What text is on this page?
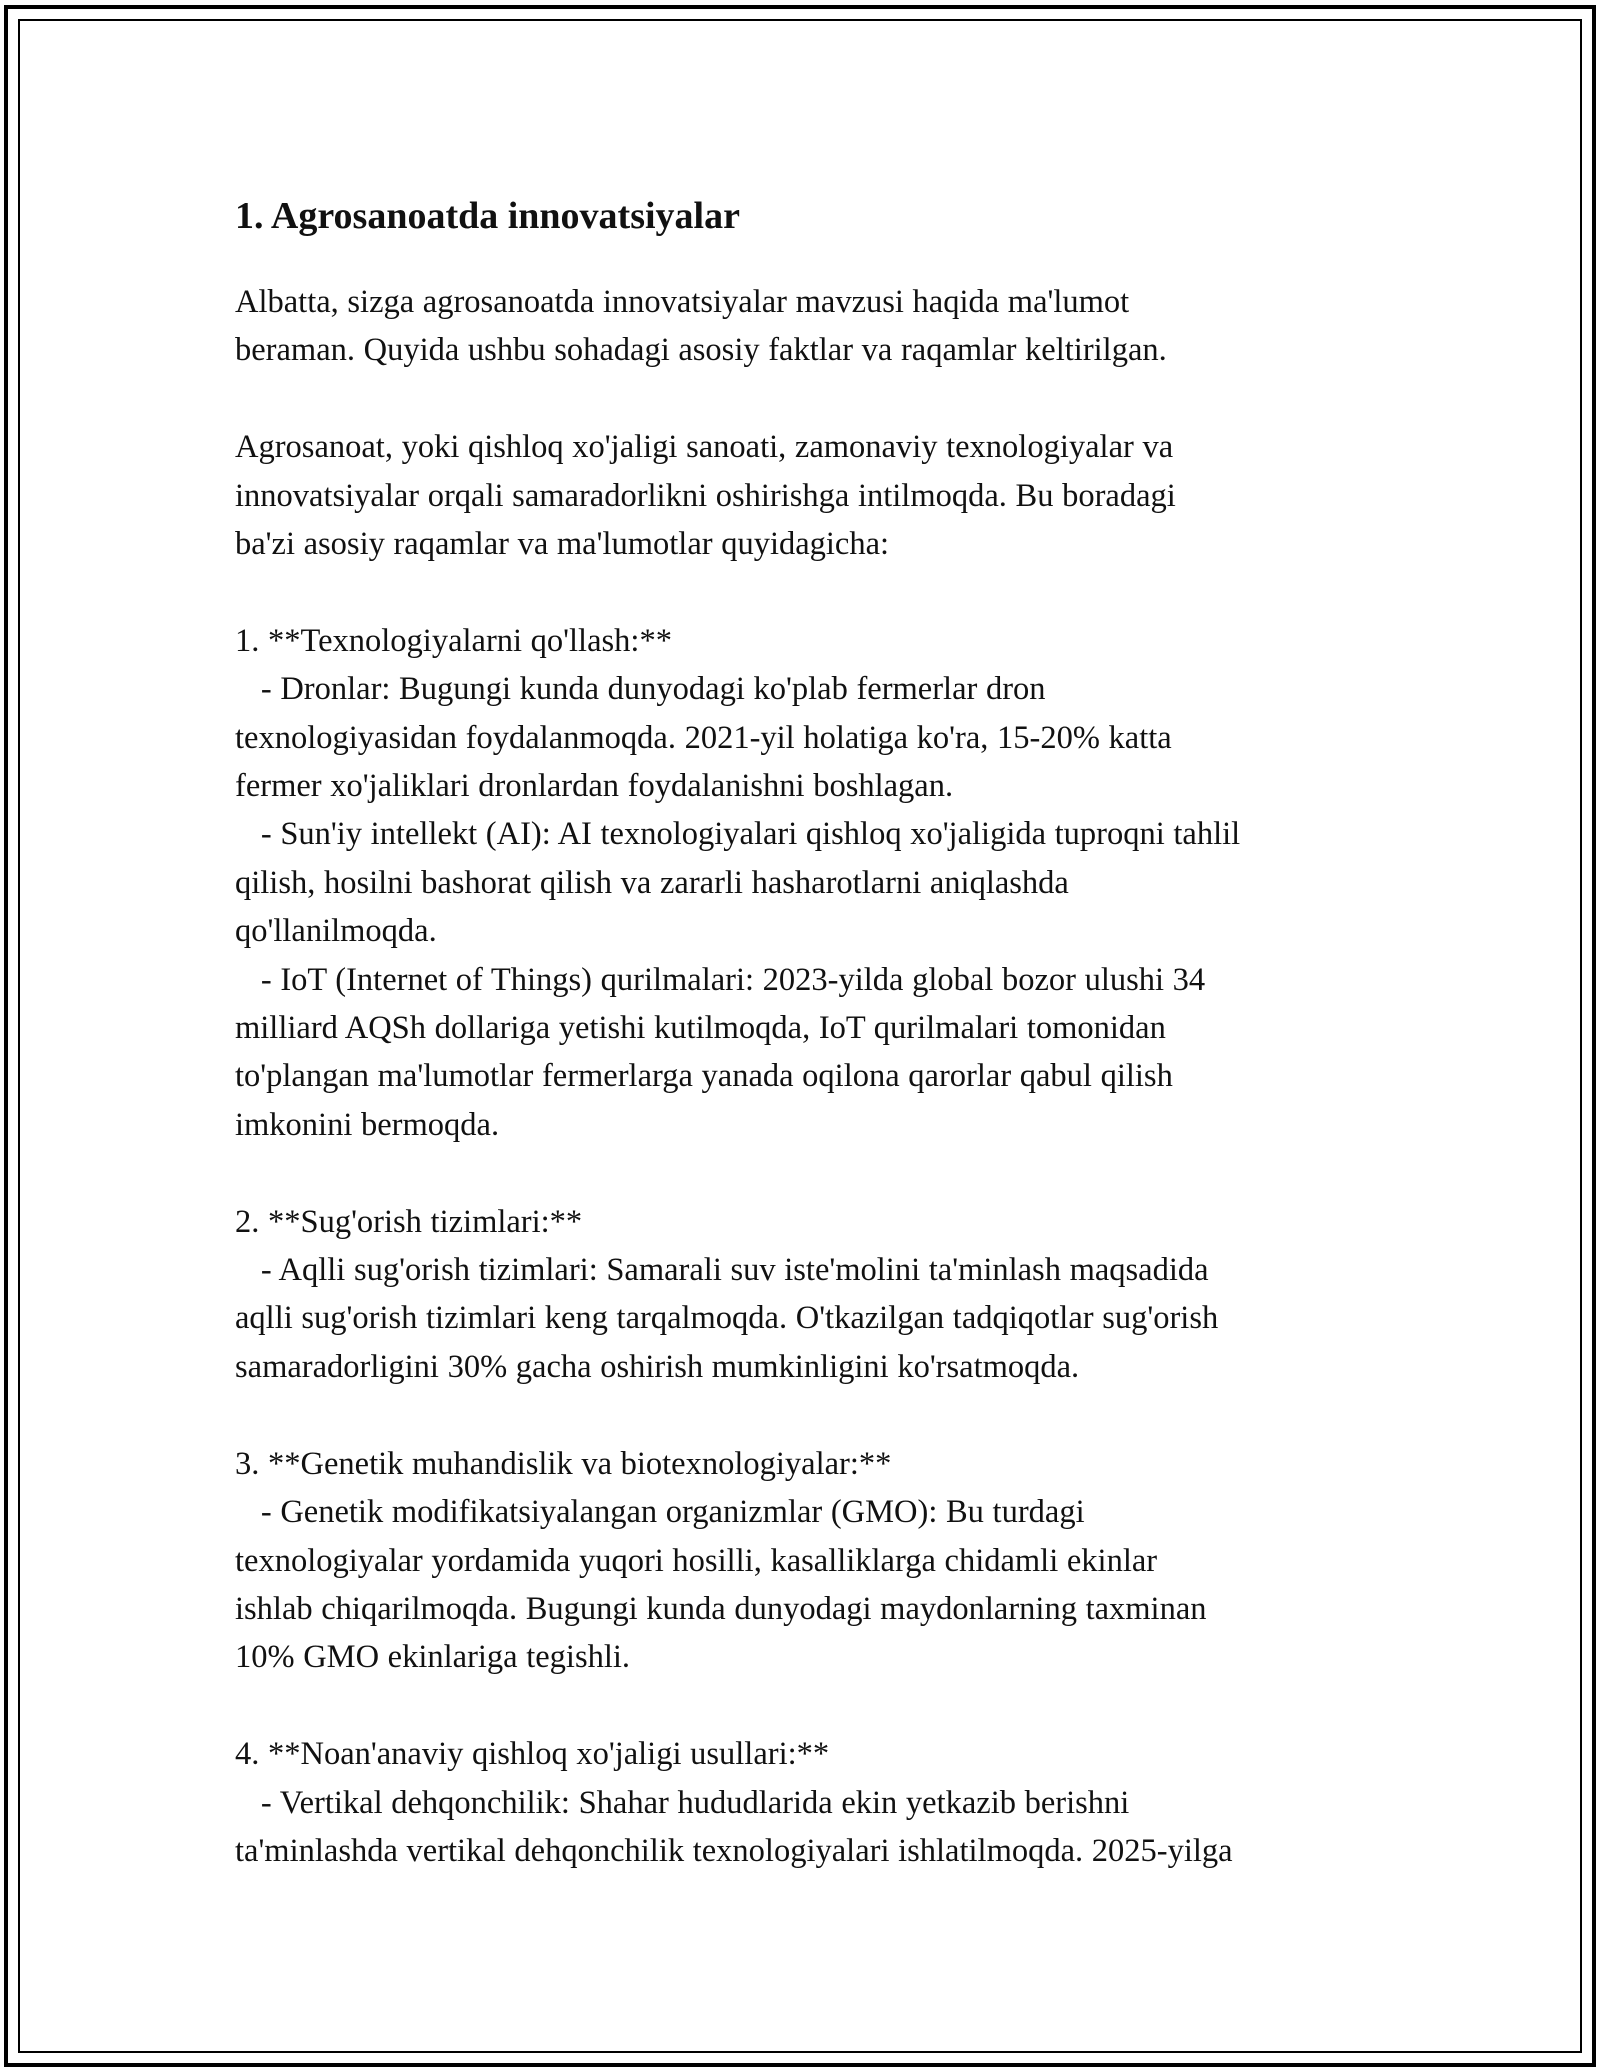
1. Agrosanoatda innovatsiyalar

Albatta, sizga agrosanoatda innovatsiyalar mavzusi haqida ma'lumot
beraman. Quyida ushbu sohadagi asosiy faktlar va raqamlar keltirilgan.

Agrosanoat, yoki qishloq xo'jaligi sanoati, zamonaviy texnologiyalar va
innovatsiyalar orqali samaradorlikni oshirishga intilmoqda. Bu boradagi
ba'zi asosiy raqamlar va ma'lumotlar quyidagicha:

1. **Texnologiyalarni qo'llash:**

- Dronlar: Bugungi kunda dunyodagi ko'plab fermerlar dron
texnologiyasidan foydalanmoqda. 2021-yil holatiga ko'ra, 15-20% katta
fermer xo'jaliklari dronlardan foydalanishni boshlagan.

- Sun'iy intellekt (AI): AI texnologiyalari qishloq xo'jaligida tuproqni tahlil
qilish, hosilni bashorat qilish va zararli hasharotlarni aniqlashda
qo'llanilmoqda.

- IoT (Internet of Things) qurilmalari: 2023-yilda global bozor ulushi 34
milliard AQSh dollariga yetishi kutilmoqda, IoT qurilmalari tomonidan
to'plangan ma'lumotlar fermerlarga yanada oqilona qarorlar qabul qilish
imkonini bermoqda.

2. **Sug'orish tizimlari:**

- Aqlli sug'orish tizimlari: Samarali suv iste'molini ta'minlash maqsadida
aqlli sug'orish tizimlari keng tarqalmoqda. O'tkazilgan tadqiqotlar sug'orish
samaradorligini 30% gacha oshirish mumkinligini ko'rsatmoqda.

3. **Genetik muhandislik va biotexnologiyalar:**

- Genetik modifikatsiyalangan organizmlar (GMO): Bu turdagi
texnologiyalar yordamida yuqori hosilli, kasalliklarga chidamli ekinlar
ishlab chiqarilmoqda. Bugungi kunda dunyodagi maydonlarning taxminan
10% GMO ekinlariga tegishli.

4. **Noan'anaviy qishloq xo'jaligi usullari:**

- Vertikal dehqonchilik: Shahar hududlarida ekin yetkazib berishni
ta'minlashda vertikal dehqonchilik texnologiyalari ishlatilmoqda. 2025-yilga
